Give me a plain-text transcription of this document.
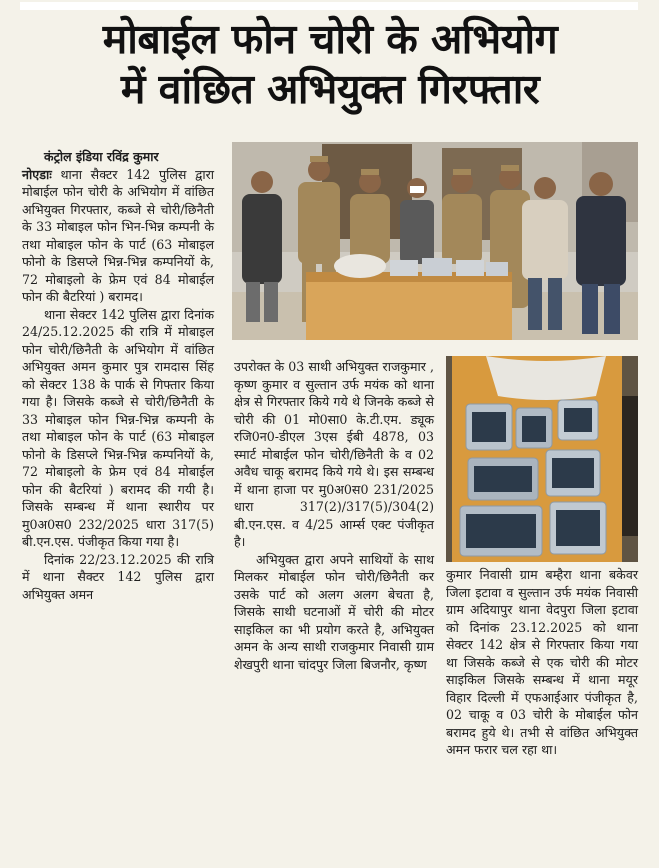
मोबाईल फोन चोरी के अभियोग
में वांछित अभियुक्त गिरफ्तार

कंट्रोल इंडिया रविंद्र कुमार

नोएडाः थाना सैक्टर 142 पुलिस द्वारा मोबाईल फोन चोरी के अभियोग में वांछित अभियुक्त गिरफ्तार, कब्जे से चोरी/छिनैती के 33 मोबाइल फोन भिन-भिन्न कम्पनी के तथा मोबाइल फोन के पार्ट (63 मोबाइल फोनो के डिसप्ले भिन्न-भिन्न कम्पनियों के, 72 मोबाइलो के फ्रेम एवं 84 मोबाईल फोन की बैटरियां ) बरामद।

थाना सेक्टर 142 पुलिस द्वारा दिनांक 24/25.12.2025 की रात्रि में मोबाइल फोन चोरी/छिनैती के अभियोग में वांछित अभियुक्त अमन कुमार पुत्र रामदास सिंह को सेक्टर 138 के पार्क से गिफ्तार किया गया है। जिसके कब्जे से चोरी/छिनैती के 33 मोबाइल फोन भिन्न-भिन्न कम्पनी के तथा मोबाइल फोन के पार्ट (63 मोबाइल फोनो के डिसप्ले भिन्न-भिन्न कम्पनियों के, 72 मोबाइलो के फ्रेम एवं 84 मोबाईल फोन की बैटरियां ) बरामद की गयी है। जिसके सम्बन्ध में थाना स्थारीय पर मु0अ0स0 232/2025 धारा 317(5) बी.एन.एस. पंजीकृत किया गया है।

दिनांक 22/23.12.2025 की रात्रि में थाना सैक्टर 142 पुलिस द्वारा अभियुक्त अमन

उपरोक्त के 03 साथी अभियुक्त राजकुमार , कृष्ण कुमार व सुल्तान उर्फ मयंक को थाना क्षेत्र से गिरफ्तार किये गये थे जिनके कब्जे से चोरी की 01 मो0सा0 के.टी.एम. ड्यूक रजि0न0-डीएल 3एस ईबी 4878, 03 स्मार्ट मोबाईल फोन चोरी/छिनैती के व 02 अवैध चाकू बरामद किये गये थे। इस सम्बन्ध में थाना हाजा पर मु0अ0स0 231/2025 धारा 317(2)/317(5)/304(2) बी.एन.एस. व 4/25 आर्म्स एक्ट पंजीकृत है।

अभियुक्त द्वारा अपने साथियों के साथ मिलकर मोबाईल फोन चोरी/छिनैती कर उसके पार्ट को अलग अलग बेचता है, जिसके साथी घटनाओं में चोरी की मोटर साइकिल का भी प्रयोग करते है, अभियुक्त अमन के अन्य साथी राजकुमार निवासी ग्राम शेखपुरी थाना चांदपुर जिला बिजनौर, कृष्ण

कुमार निवासी ग्राम बम्हैरा थाना बकेवर जिला इटावा व सुल्तान उर्फ मयंक निवासी ग्राम अदियापुर थाना वेदपुरा जिला इटावा को दिनांक 23.12.2025 को थाना सेक्टर 142 क्षेत्र से गिरफ्तार किया गया था जिसके कब्जे से एक चोरी की मोटर साइकिल जिसके सम्बन्ध में थाना मयूर विहार दिल्ली में एफआईआर पंजीकृत है, 02 चाकू व 03 चोरी के मोबाईल फोन बरामद हुये थे। तभी से वांछित अभियुक्त अमन फरार चल रहा था।
